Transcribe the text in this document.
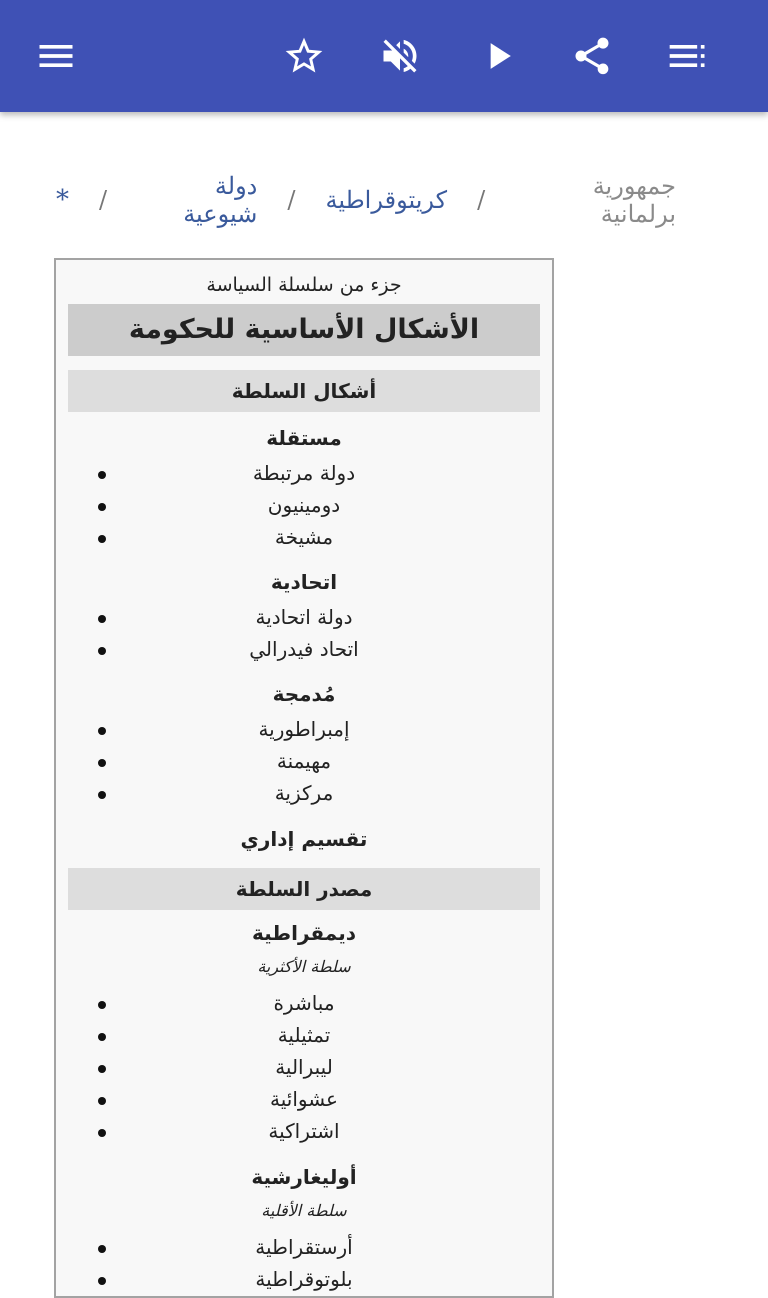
جمهورية برلمانية
/
كريتوقراطية
/
دولة شيوعية
/
*
جزء من سلسلة السياسة
الأشكال الأساسية للحكومة
أشكال السلطة
مستقلة
دولة مرتبطة
دومينيون
مشيخة
اتحادية
دولة اتحادية
اتحاد فيدرالي
مُدمجة
إمبراطورية
مهيمنة
مركزية
تقسيم إداري
مصدر السلطة
ديمقراطية
سلطة الأكثرية
مباشرة
تمثيلية
ليبرالية
عشوائية
اشتراكية
أوليغارشية
سلطة الأقلية
أرستقراطية
بلوتوقراطية
